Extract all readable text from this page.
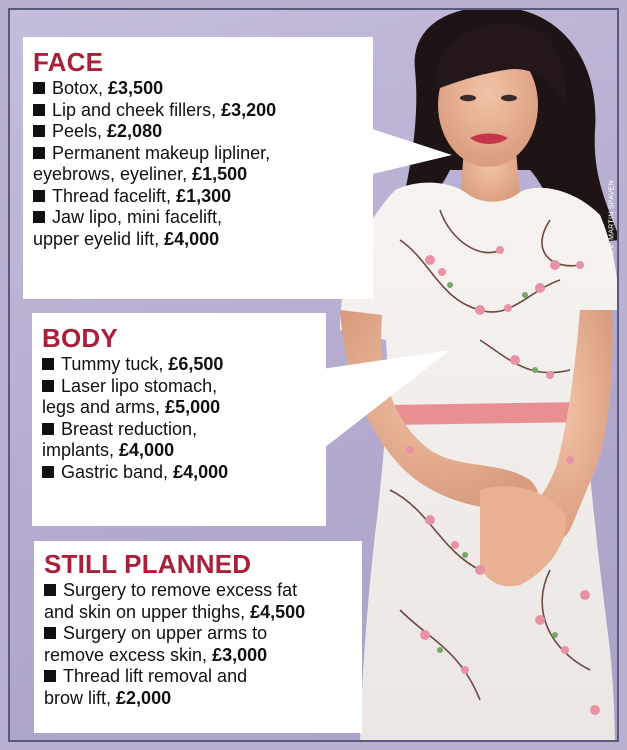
Picture: MARTIN SPAVEN
FACE
Botox, £3,500
Lip and cheek fillers, £3,200
Peels, £2,080
Permanent makeup lipliner,
eyebrows, eyeliner, £1,500
Thread facelift, £1,300
Jaw lipo, mini facelift,
upper eyelid lift, £4,000
BODY
Tummy tuck, £6,500
Laser lipo stomach,
legs and arms, £5,000
Breast reduction,
implants, £4,000
Gastric band, £4,000
STILL PLANNED
Surgery to remove excess fat
and skin on upper thighs, £4,500
Surgery on upper arms to
remove excess skin, £3,000
Thread lift removal and
brow lift, £2,000
